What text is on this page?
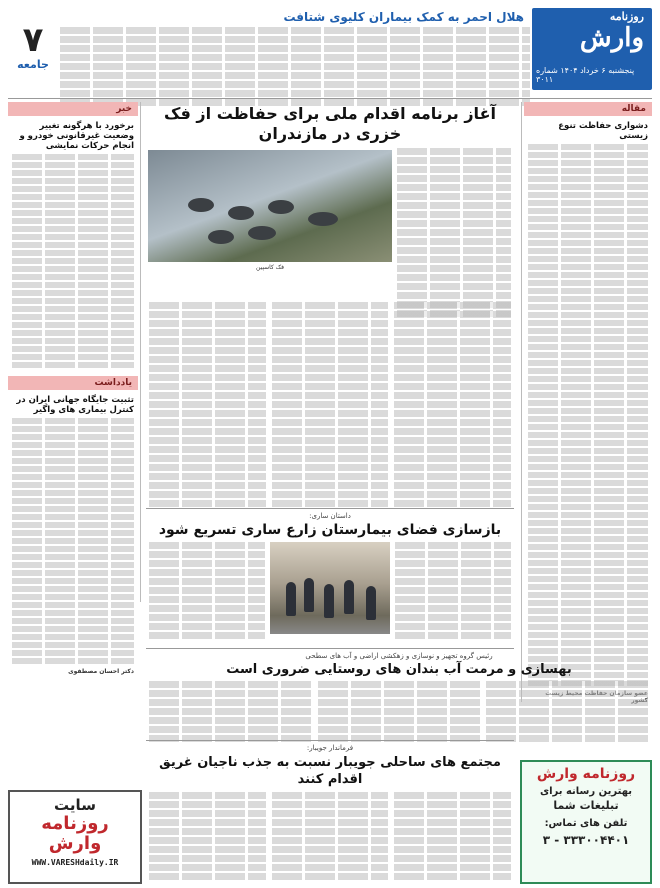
روزنامه
وارش
پنجشنبه ۶ خرداد ۱۴۰۴ شماره ۳۰۱۱
۷
جامعه
هلال احمر به کمک بیماران کلیوی شتافت
مقاله
دشواری حفاظت تنوع زیستی
خبر
برخورد با هرگونه تغییر وضعیت غیرقانونی خودرو و انجام حرکات نمایشی
یادداشت
تثبیت جایگاه جهانی ایران در کنترل بیماری های واگیر
دکتر احسان مصطفوی
آغاز برنامه اقدام ملی برای حفاظت از فک خزری در مازندران
فک کاسپین
داستان ساری:
بازسازی فضای بیمارستان زارع ساری تسریع شود
رئیس گروه تجهیز و نوسازی و زهکشی اراضی و آب های سطحی
بهسازی و مرمت آب بندان های روستایی ضروری است
فرماندار جویبار:
مجتمع های ساحلی جویبار نسبت به جذب ناجیان غریق اقدام کنند
سایت
روزنامه
وارش
WWW.VARESHdaily.IR
روزنامه وارش
بهترین رسانه برای
تبلیغات شما
تلفن های تماس:
۳۳۳۰۰۴۴۰۱ - ۳
